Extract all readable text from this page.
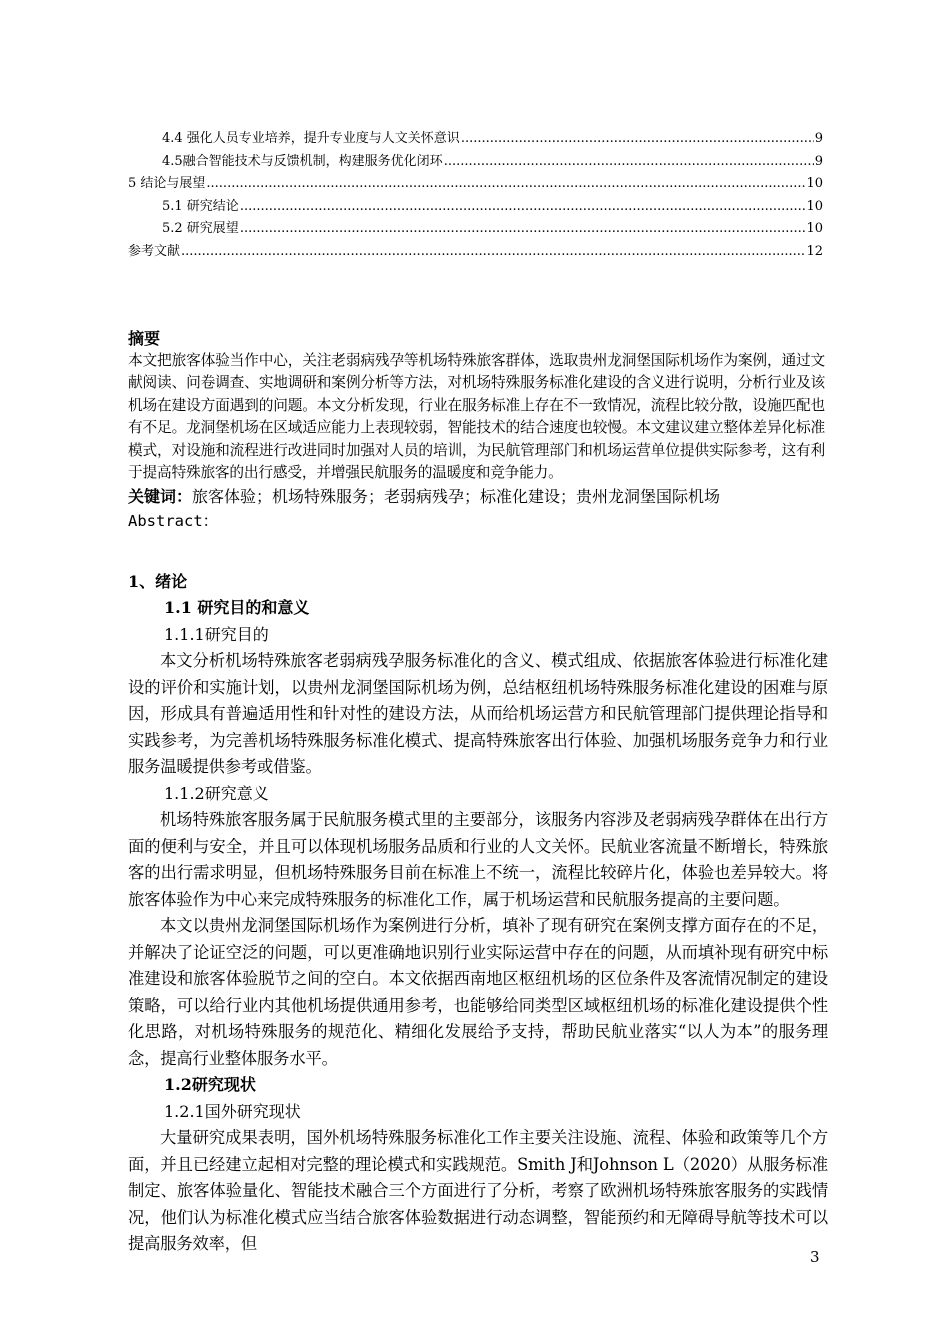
4.4 强化人员专业培养，提升专业度与人文关怀意识 .....	9
4.5融合智能技术与反馈机制，构建服务优化闭环 .....	9
5 结论与展望 .....	10
5.1 研究结论 .....	10
5.2 研究展望 .....	10
参考文献 .....	12
摘要
本文把旅客体验当作中心，关注老弱病残孕等机场特殊旅客群体，选取贵州龙洞堡国际机场作为案例，通过文献阅读、问卷调查、实地调研和案例分析等方法，对机场特殊服务标准化建设的含义进行说明，分析行业及该机场在建设方面遇到的问题。本文分析发现，行业在服务标准上存在不一致情况，流程比较分散，设施匹配也有不足。龙洞堡机场在区域适应能力上表现较弱，智能技术的结合速度也较慢。本文建议建立整体差异化标准模式，对设施和流程进行改进同时加强对人员的培训，为民航管理部门和机场运营单位提供实际参考，这有利于提高特殊旅客的出行感受，并增强民航服务的温暖度和竞争能力。
关键词：旅客体验；机场特殊服务；老弱病残孕；标准化建设；贵州龙洞堡国际机场
Abstract：
1、绪论
1.1 研究目的和意义
1.1.1研究目的
本文分析机场特殊旅客老弱病残孕服务标准化的含义、模式组成、依据旅客体验进行标准化建设的评价和实施计划，以贵州龙洞堡国际机场为例，总结枢纽机场特殊服务标准化建设的困难与原因，形成具有普遍适用性和针对性的建设方法，从而给机场运营方和民航管理部门提供理论指导和实践参考，为完善机场特殊服务标准化模式、提高特殊旅客出行体验、加强机场服务竞争力和行业服务温暖提供参考或借鉴。
1.1.2研究意义
机场特殊旅客服务属于民航服务模式里的主要部分，该服务内容涉及老弱病残孕群体在出行方面的便利与安全，并且可以体现机场服务品质和行业的人文关怀。民航业客流量不断增长，特殊旅客的出行需求明显，但机场特殊服务目前在标准上不统一，流程比较碎片化，体验也差异较大。将旅客体验作为中心来完成特殊服务的标准化工作，属于机场运营和民航服务提高的主要问题。
本文以贵州龙洞堡国际机场作为案例进行分析，填补了现有研究在案例支撑方面存在的不足，并解决了论证空泛的问题，可以更准确地识别行业实际运营中存在的问题，从而填补现有研究中标准建设和旅客体验脱节之间的空白。本文依据西南地区枢纽机场的区位条件及客流情况制定的建设策略，可以给行业内其他机场提供通用参考，也能够给同类型区域枢纽机场的标准化建设提供个性化思路，对机场特殊服务的规范化、精细化发展给予支持，帮助民航业落实“以人为本”的服务理念，提高行业整体服务水平。
1.2研究现状
1.2.1国外研究现状
大量研究成果表明，国外机场特殊服务标准化工作主要关注设施、流程、体验和政策等几个方面，并且已经建立起相对完整的理论模式和实践规范。Smith J和Johnson L（2020）从服务标准制定、旅客体验量化、智能技术融合三个方面进行了分析，考察了欧洲机场特殊旅客服务的实践情况，他们认为标准化模式应当结合旅客体验数据进行动态调整，智能预约和无障碍导航等技术可以提高服务效率，但
3
